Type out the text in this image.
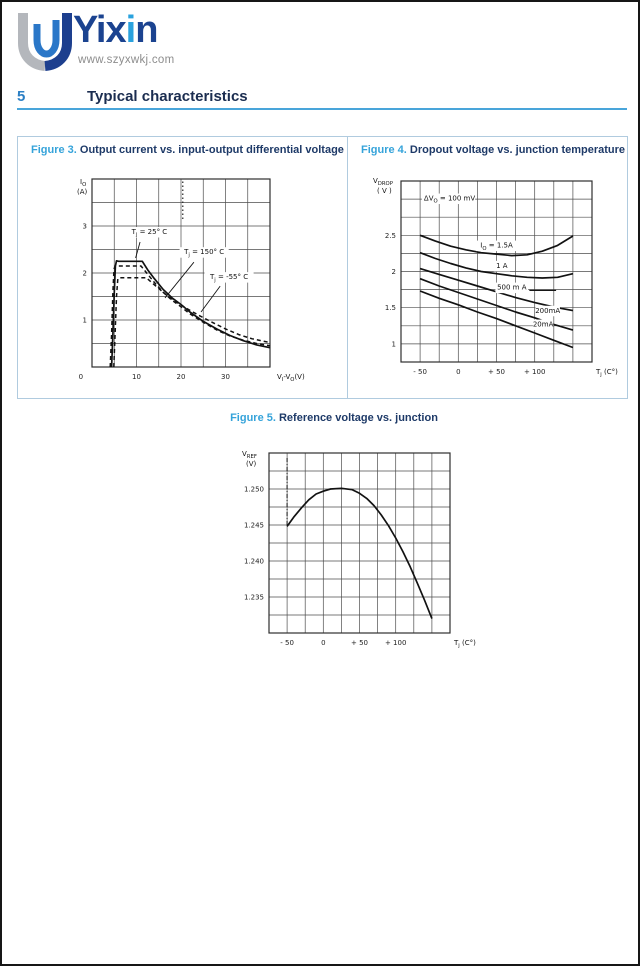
Yixin
www.szyxwkj.com
5	Typical characteristics
Figure 3. Output current vs. input-output differential voltage
0	10	20	30
1
2
3
$I_O$
(A)
$V_I-V_O(V)$
$T_j = 25^\circ$ C
$T_j = 150^\circ$ C
$T_j = -55^\circ$ C
Figure 4. Dropout voltage vs. junction temperature
- 50	0	+ 50	+ 100
1
1.5
2
2.5
$V_{DROP}$
( V )
$T_j$ (C°)
$\Delta V_O = 100$ mV
$I_O = 1.5A$
1 A
500 m A
200mA
20mA
Figure 5. Reference voltage vs. junction
- 50	0	+ 50 + 100
1.235
1.240
1.245
1.250
$V_{REF}$
(V)
$T_j$ (C°)
